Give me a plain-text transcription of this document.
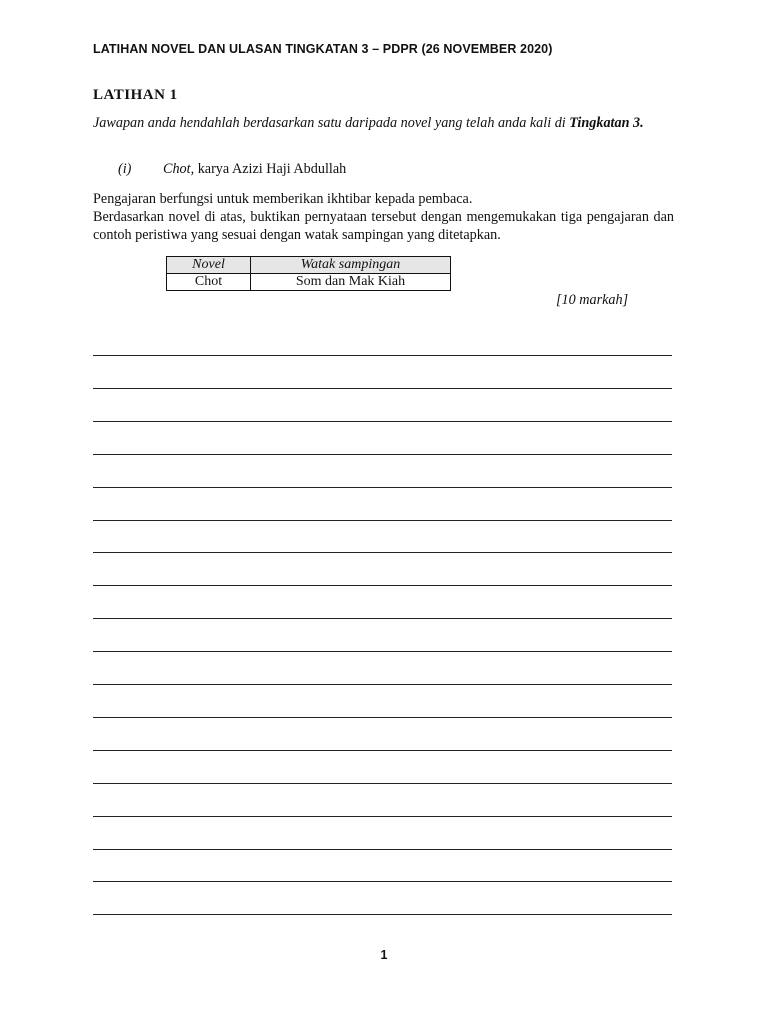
LATIHAN NOVEL DAN ULASAN TINGKATAN 3 – PDPR (26 NOVEMBER 2020)
LATIHAN 1
Jawapan anda hendahlah berdasarkan satu daripada novel yang telah anda kali di Tingkatan 3.
(i) Chot, karya Azizi Haji Abdullah

Pengajaran berfungsi untuk memberikan ikhtibar kepada pembaca.

Berdasarkan novel di atas, buktikan pernyataan tersebut dengan mengemukakan tiga pengajaran dan contoh peristiwa yang sesuai dengan watak sampingan yang ditetapkan.

Novel	Watak sampingan
Chot	Som dan Mak Kiah
[10 markah]
1
